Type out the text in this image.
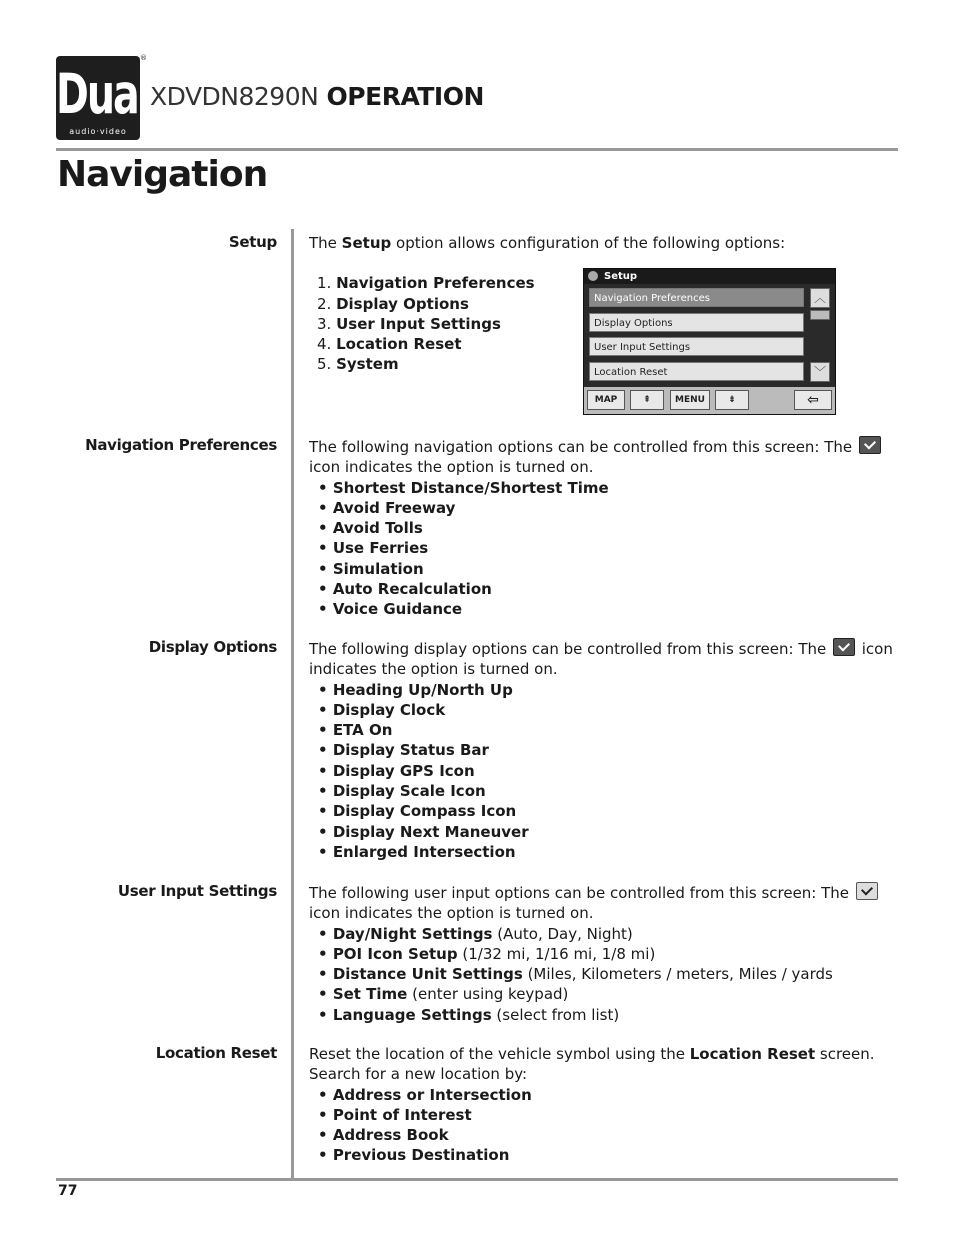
Dual
audio·video
®
XDVDN8290N OPERATION
Navigation
Setup The Setup option allows configuration of the following options:

1. Navigation Preferences
2. Display Options
3. User Input Settings
4. Location Reset
5. System
Setup
Navigation Preferences
Display Options
User Input Settings
Location Reset
︿
﹀
MAP	⇞	MENU	⇟	⇦
Navigation Preferences The following navigation options can be controlled from this screen: The  icon indicates the option is turned on.

• Shortest Distance/Shortest Time
• Avoid Freeway
• Avoid Tolls
• Use Ferries
• Simulation
• Auto Recalculation
• Voice Guidance
Display Options The following display options can be controlled from this screen: The  icon indicates the option is turned on.

• Heading Up/North Up
• Display Clock
• ETA On
• Display Status Bar
• Display GPS Icon
• Display Scale Icon
• Display Compass Icon
• Display Next Maneuver
• Enlarged Intersection
User Input Settings The following user input options can be controlled from this screen: The  icon indicates the option is turned on.

• Day/Night Settings (Auto, Day, Night)
• POI Icon Setup (1/32 mi, 1/16 mi, 1/8 mi)
• Distance Unit Settings (Miles, Kilometers / meters, Miles / yards
• Set Time (enter using keypad)
• Language Settings (select from list)
Location Reset Reset the location of the vehicle symbol using the Location Reset screen. Search for a new location by:

• Address or Intersection
• Point of Interest
• Address Book
• Previous Destination
77
